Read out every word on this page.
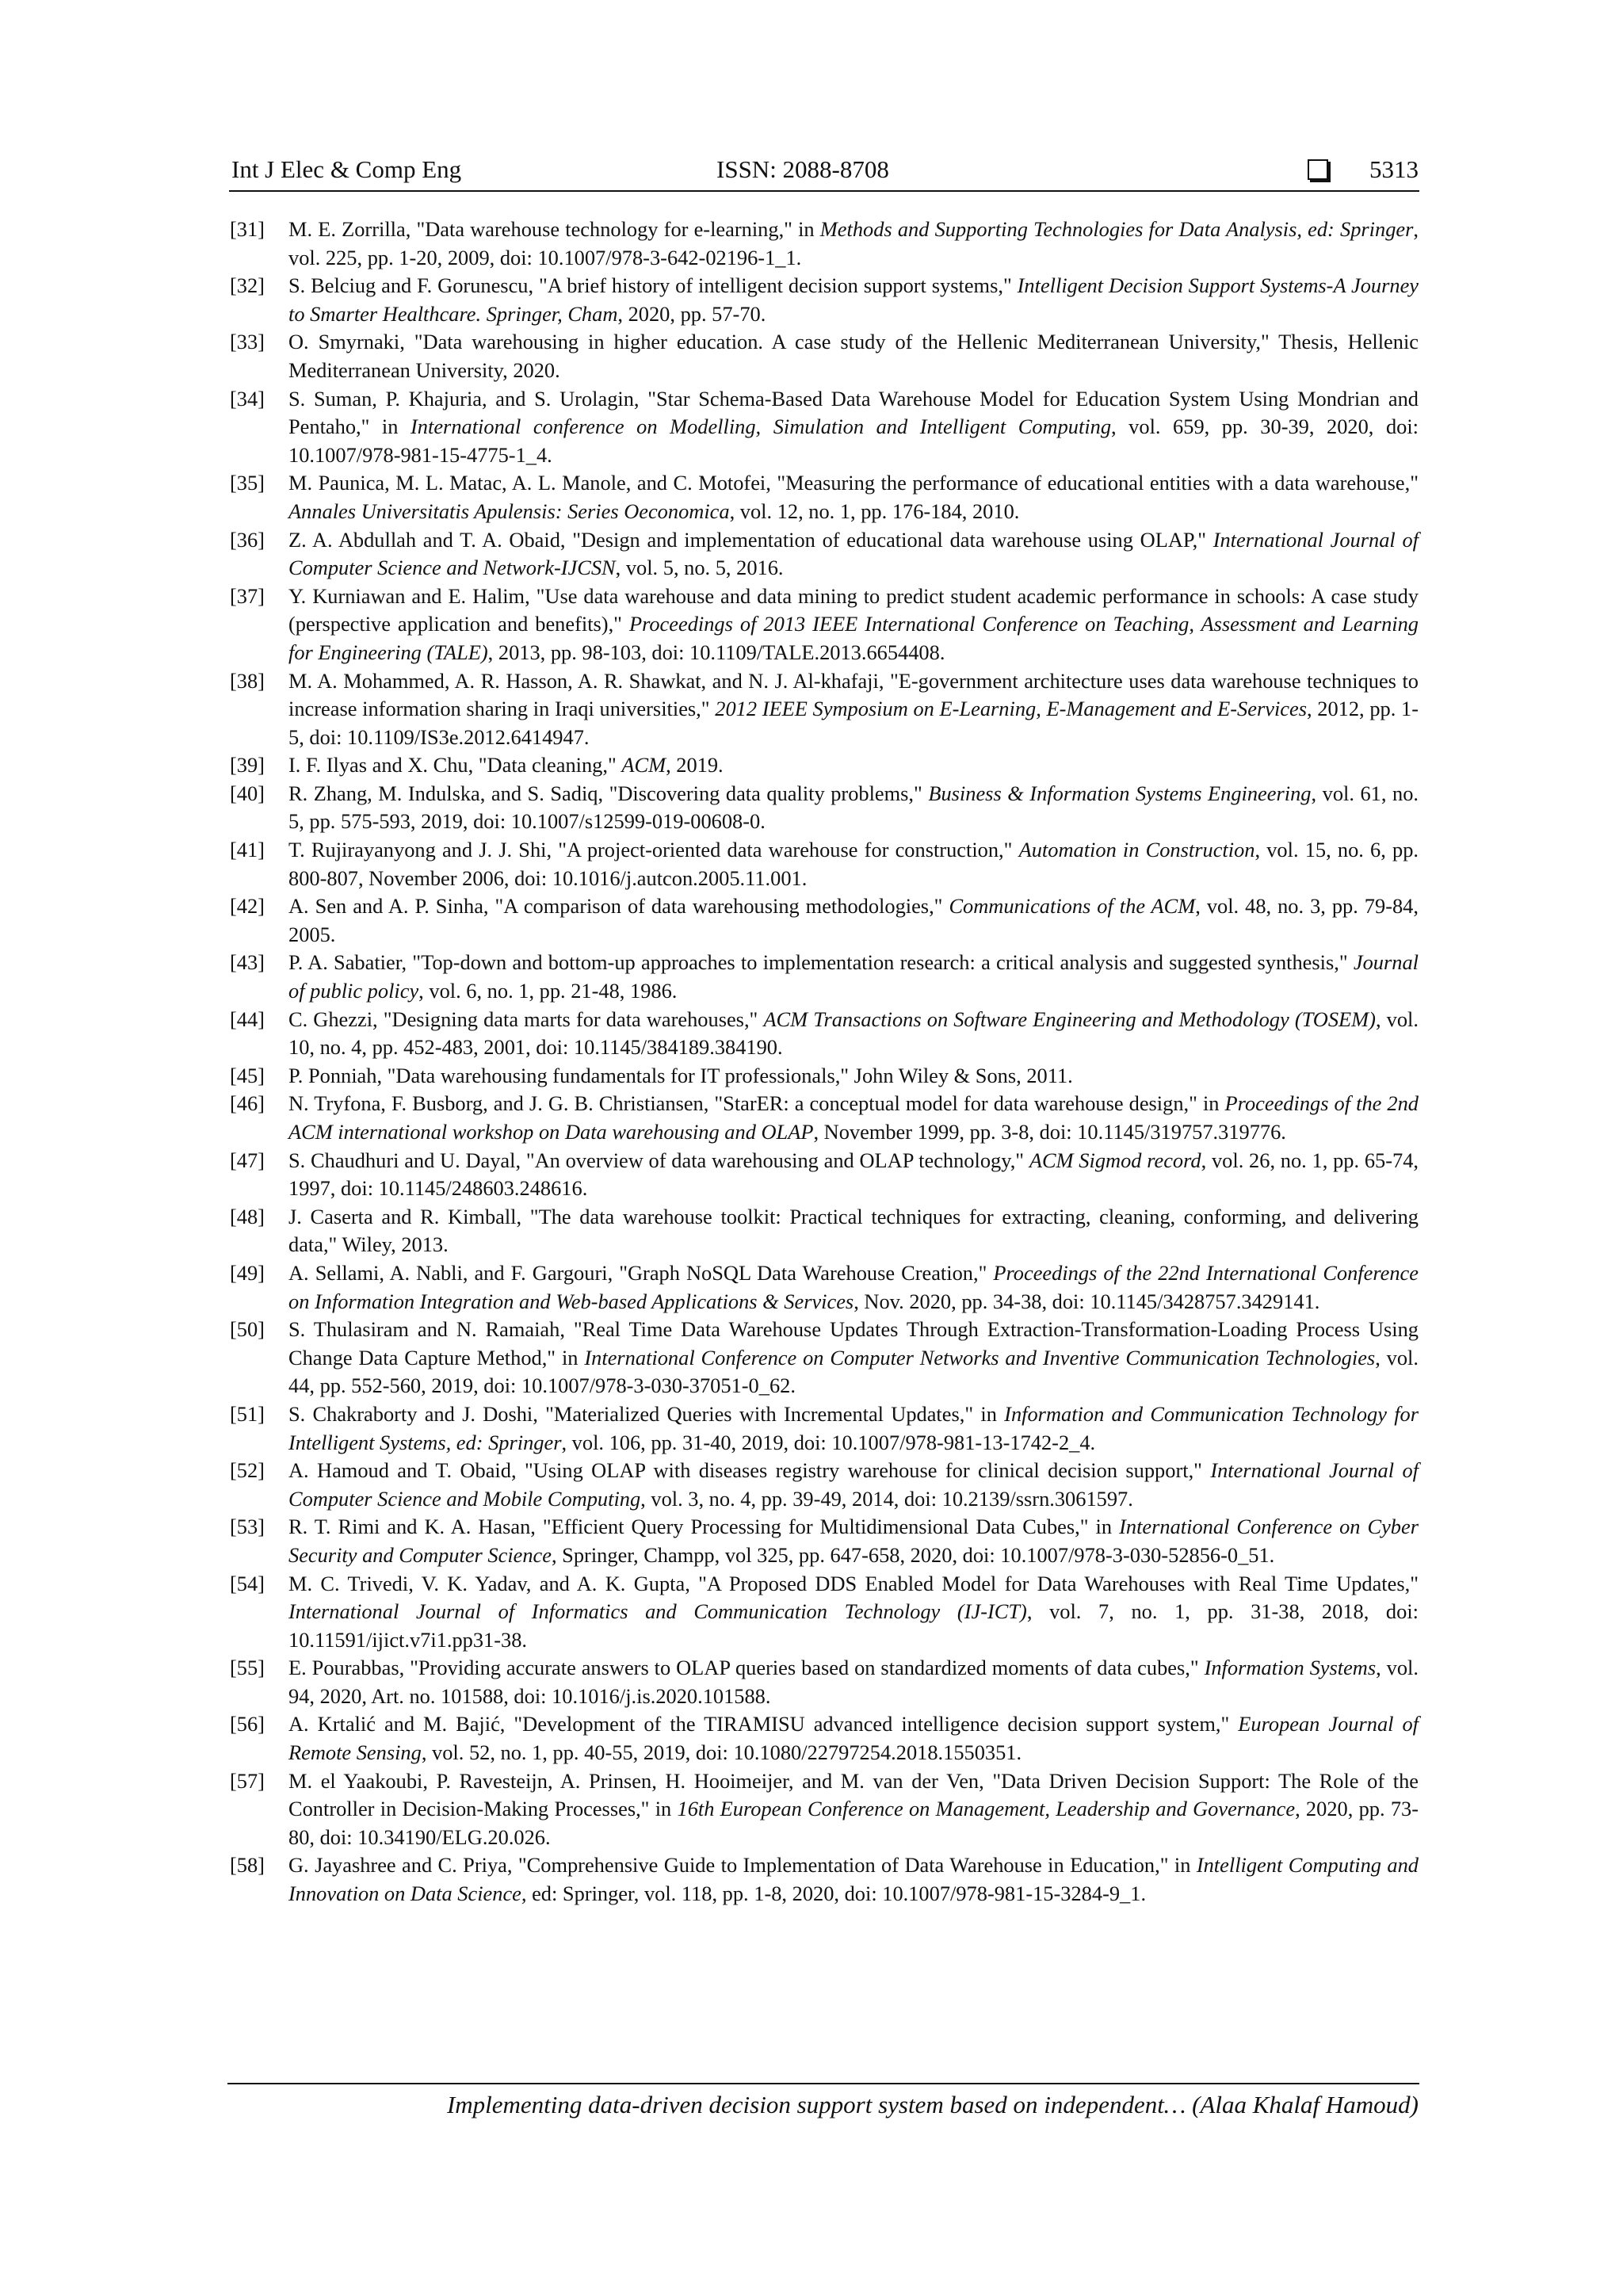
Int J Elec & Comp Eng	ISSN: 2088-8708	5313
[31] M. E. Zorrilla, "Data warehouse technology for e-learning," in Methods and Supporting Technologies for Data Analysis, ed: Springer, vol. 225, pp. 1-20, 2009, doi: 10.1007/978-3-642-02196-1_1.
[32] S. Belciug and F. Gorunescu, "A brief history of intelligent decision support systems," Intelligent Decision Support Systems-A Journey to Smarter Healthcare. Springer, Cham, 2020, pp. 57-70.
[33] O. Smyrnaki, "Data warehousing in higher education. A case study of the Hellenic Mediterranean University," Thesis, Hellenic Mediterranean University, 2020.
[34] S. Suman, P. Khajuria, and S. Urolagin, "Star Schema-Based Data Warehouse Model for Education System Using Mondrian and Pentaho," in International conference on Modelling, Simulation and Intelligent Computing, vol. 659, pp. 30-39, 2020, doi: 10.1007/978-981-15-4775-1_4.
[35] M. Paunica, M. L. Matac, A. L. Manole, and C. Motofei, "Measuring the performance of educational entities with a data warehouse," Annales Universitatis Apulensis: Series Oeconomica, vol. 12, no. 1, pp. 176-184, 2010.
[36] Z. A. Abdullah and T. A. Obaid, "Design and implementation of educational data warehouse using OLAP," International Journal of Computer Science and Network-IJCSN, vol. 5, no. 5, 2016.
[37] Y. Kurniawan and E. Halim, "Use data warehouse and data mining to predict student academic performance in schools: A case study (perspective application and benefits)," Proceedings of 2013 IEEE International Conference on Teaching, Assessment and Learning for Engineering (TALE), 2013, pp. 98-103, doi: 10.1109/TALE.2013.6654408.
[38] M. A. Mohammed, A. R. Hasson, A. R. Shawkat, and N. J. Al-khafaji, "E-government architecture uses data warehouse techniques to increase information sharing in Iraqi universities," 2012 IEEE Symposium on E-Learning, E-Management and E-Services, 2012, pp. 1-5, doi: 10.1109/IS3e.2012.6414947.
[39] I. F. Ilyas and X. Chu, "Data cleaning," ACM, 2019.
[40] R. Zhang, M. Indulska, and S. Sadiq, "Discovering data quality problems," Business & Information Systems Engineering, vol. 61, no. 5, pp. 575-593, 2019, doi: 10.1007/s12599-019-00608-0.
[41] T. Rujirayanyong and J. J. Shi, "A project-oriented data warehouse for construction," Automation in Construction, vol. 15, no. 6, pp. 800-807, November 2006, doi: 10.1016/j.autcon.2005.11.001.
[42] A. Sen and A. P. Sinha, "A comparison of data warehousing methodologies," Communications of the ACM, vol. 48, no. 3, pp. 79-84, 2005.
[43] P. A. Sabatier, "Top-down and bottom-up approaches to implementation research: a critical analysis and suggested synthesis," Journal of public policy, vol. 6, no. 1, pp. 21-48, 1986.
[44] C. Ghezzi, "Designing data marts for data warehouses," ACM Transactions on Software Engineering and Methodology (TOSEM), vol. 10, no. 4, pp. 452-483, 2001, doi: 10.1145/384189.384190.
[45] P. Ponniah, "Data warehousing fundamentals for IT professionals," John Wiley & Sons, 2011.
[46] N. Tryfona, F. Busborg, and J. G. B. Christiansen, "StarER: a conceptual model for data warehouse design," in Proceedings of the 2nd ACM international workshop on Data warehousing and OLAP, November 1999, pp. 3-8, doi: 10.1145/319757.319776.
[47] S. Chaudhuri and U. Dayal, "An overview of data warehousing and OLAP technology," ACM Sigmod record, vol. 26, no. 1, pp. 65-74, 1997, doi: 10.1145/248603.248616.
[48] J. Caserta and R. Kimball, "The data warehouse toolkit: Practical techniques for extracting, cleaning, conforming, and delivering data," Wiley, 2013.
[49] A. Sellami, A. Nabli, and F. Gargouri, "Graph NoSQL Data Warehouse Creation," Proceedings of the 22nd International Conference on Information Integration and Web-based Applications & Services, Nov. 2020, pp. 34-38, doi: 10.1145/3428757.3429141.
[50] S. Thulasiram and N. Ramaiah, "Real Time Data Warehouse Updates Through Extraction-Transformation-Loading Process Using Change Data Capture Method," in International Conference on Computer Networks and Inventive Communication Technologies, vol. 44, pp. 552-560, 2019, doi: 10.1007/978-3-030-37051-0_62.
[51] S. Chakraborty and J. Doshi, "Materialized Queries with Incremental Updates," in Information and Communication Technology for Intelligent Systems, ed: Springer, vol. 106, pp. 31-40, 2019, doi: 10.1007/978-981-13-1742-2_4.
[52] A. Hamoud and T. Obaid, "Using OLAP with diseases registry warehouse for clinical decision support," International Journal of Computer Science and Mobile Computing, vol. 3, no. 4, pp. 39-49, 2014, doi: 10.2139/ssrn.3061597.
[53] R. T. Rimi and K. A. Hasan, "Efficient Query Processing for Multidimensional Data Cubes," in International Conference on Cyber Security and Computer Science, Springer, Champp, vol 325, pp. 647-658, 2020, doi: 10.1007/978-3-030-52856-0_51.
[54] M. C. Trivedi, V. K. Yadav, and A. K. Gupta, "A Proposed DDS Enabled Model for Data Warehouses with Real Time Updates," International Journal of Informatics and Communication Technology (IJ-ICT), vol. 7, no. 1, pp. 31-38, 2018, doi: 10.11591/ijict.v7i1.pp31-38.
[55] E. Pourabbas, "Providing accurate answers to OLAP queries based on standardized moments of data cubes," Information Systems, vol. 94, 2020, Art. no. 101588, doi: 10.1016/j.is.2020.101588.
[56] A. Krtalić and M. Bajić, "Development of the TIRAMISU advanced intelligence decision support system," European Journal of Remote Sensing, vol. 52, no. 1, pp. 40-55, 2019, doi: 10.1080/22797254.2018.1550351.
[57] M. el Yaakoubi, P. Ravesteijn, A. Prinsen, H. Hooimeijer, and M. van der Ven, "Data Driven Decision Support: The Role of the Controller in Decision-Making Processes," in 16th European Conference on Management, Leadership and Governance, 2020, pp. 73-80, doi: 10.34190/ELG.20.026.
[58] G. Jayashree and C. Priya, "Comprehensive Guide to Implementation of Data Warehouse in Education," in Intelligent Computing and Innovation on Data Science, ed: Springer, vol. 118, pp. 1-8, 2020, doi: 10.1007/978-981-15-3284-9_1.
Implementing data-driven decision support system based on independent… (Alaa Khalaf Hamoud)
